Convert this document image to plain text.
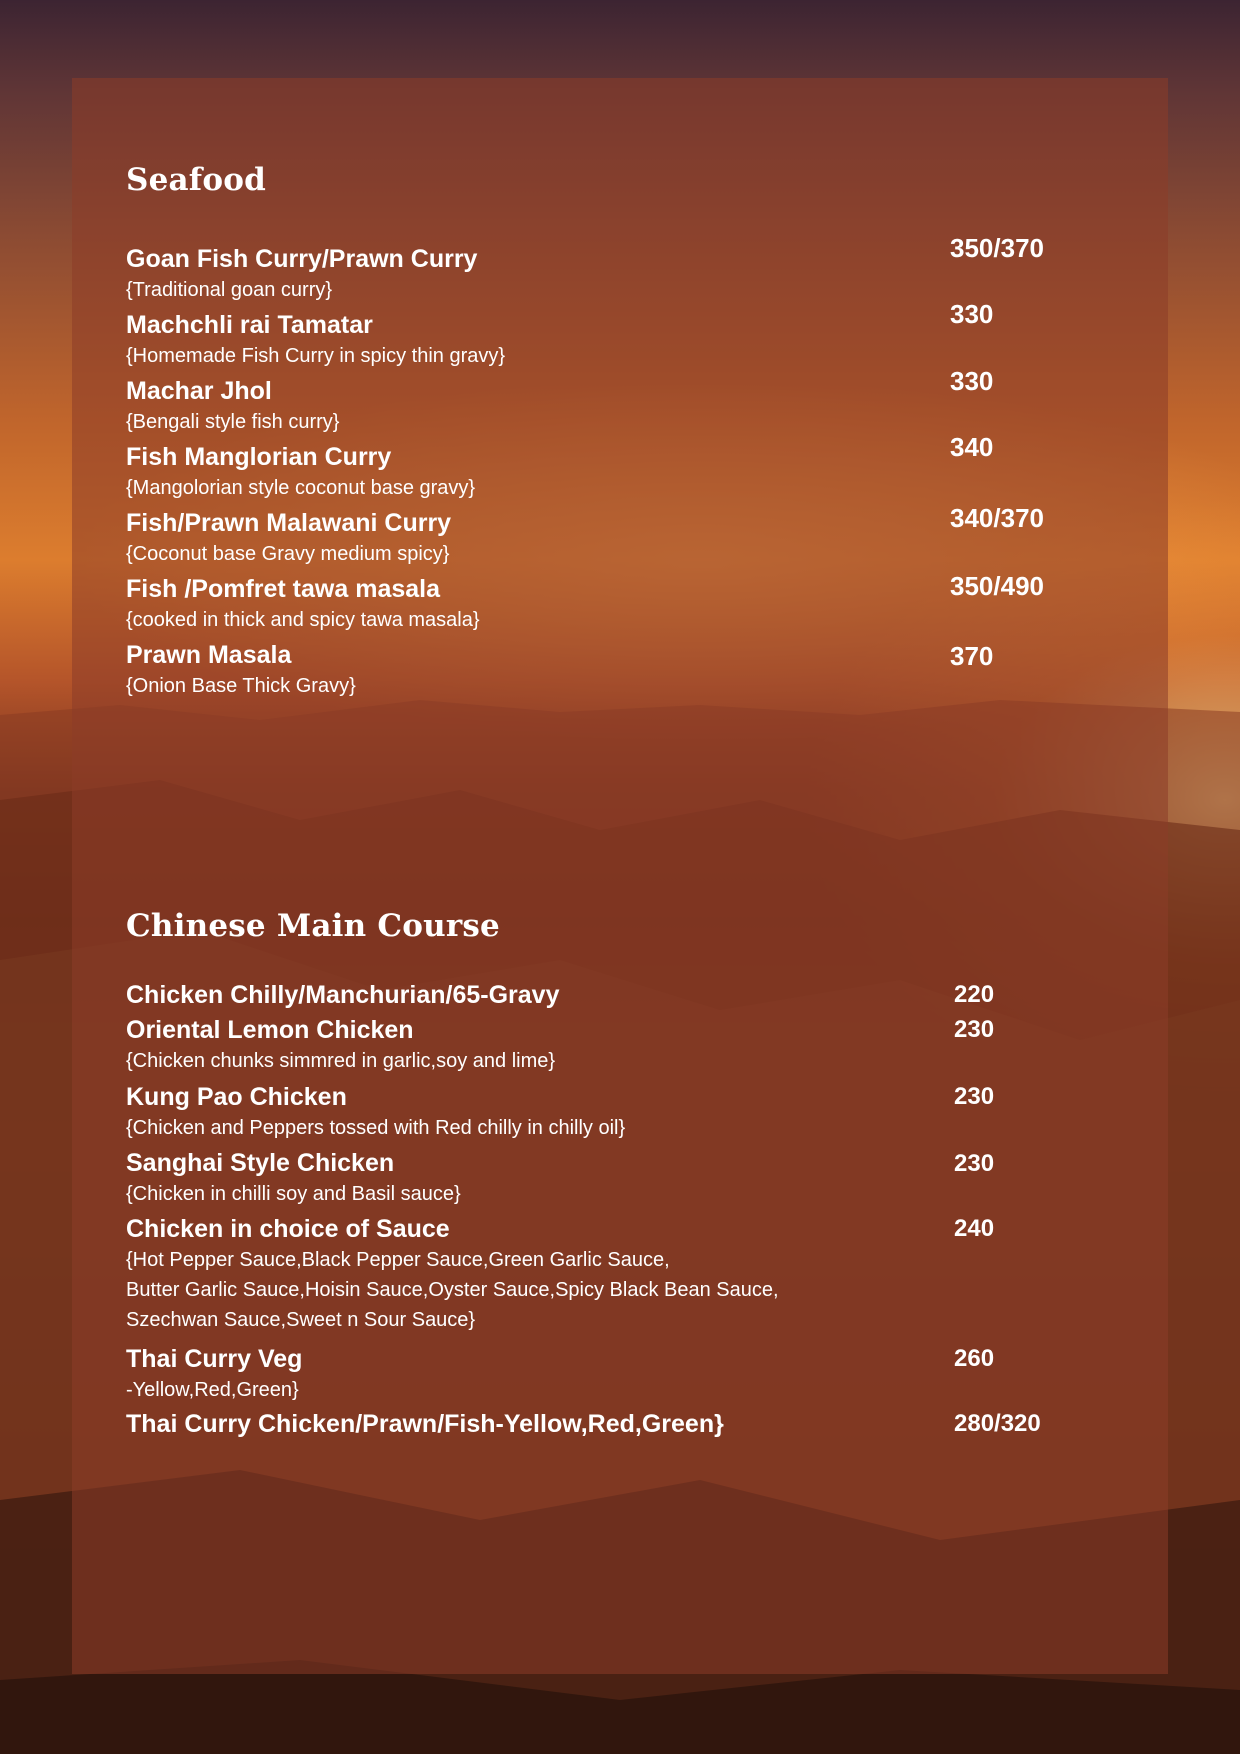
Seafood
Goan Fish Curry/Prawn Curry
{Traditional goan curry}
Machchli rai Tamatar
{Homemade Fish Curry in spicy thin gravy}
Machar Jhol
{Bengali style fish curry}
Fish Manglorian Curry
{Mangolorian style coconut base gravy}
Fish/Prawn Malawani Curry
{Coconut base Gravy medium spicy}
Fish /Pomfret tawa masala
{cooked in thick and spicy tawa masala}
Prawn Masala
{Onion Base Thick Gravy}
350/370
330
330
340
340/370
350/490
370
Chinese Main Course
Chicken Chilly/Manchurian/65-Gravy
Oriental Lemon Chicken
{Chicken chunks simmred in garlic,soy and lime}
Kung Pao Chicken
{Chicken and Peppers tossed with Red chilly in chilly oil}
Sanghai Style Chicken
{Chicken in chilli soy and Basil sauce}
Chicken in choice of Sauce
{Hot Pepper Sauce,Black Pepper Sauce,Green Garlic Sauce,
Butter Garlic Sauce,Hoisin Sauce,Oyster Sauce,Spicy Black Bean Sauce,
Szechwan Sauce,Sweet n Sour Sauce}
Thai Curry Veg
-Yellow,Red,Green}
Thai Curry Chicken/Prawn/Fish-Yellow,Red,Green}
220
230
230
230
240
260
280/320
